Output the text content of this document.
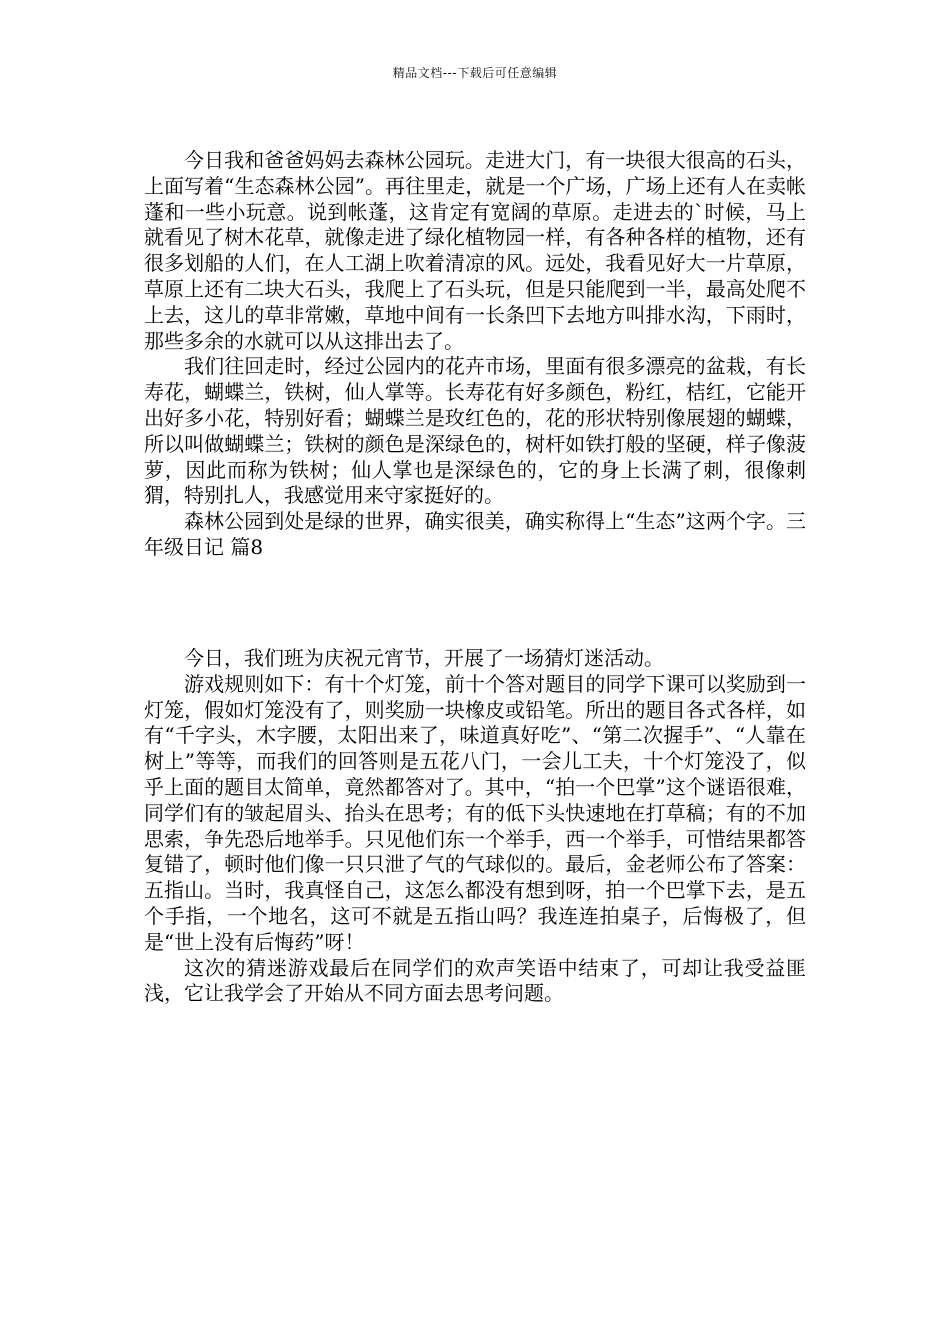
精品文档---下载后可任意编辑

今日我和爸爸妈妈去森林公园玩。走进大门，有一块很大很高的石头，上面写着“生态森林公园”。再往里走，就是一个广场，广场上还有人在卖帐蓬和一些小玩意。说到帐蓬，这肯定有宽阔的草原。走进去的`时候，马上就看见了树木花草，就像走进了绿化植物园一样，有各种各样的植物，还有很多划船的人们，在人工湖上吹着清凉的风。远处，我看见好大一片草原，草原上还有二块大石头，我爬上了石头玩，但是只能爬到一半，最高处爬不上去，这儿的草非常嫩，草地中间有一长条凹下去地方叫排水沟，下雨时，那些多余的水就可以从这排出去了。

我们往回走时，经过公园内的花卉市场，里面有很多漂亮的盆栽，有长寿花，蝴蝶兰，铁树，仙人掌等。长寿花有好多颜色，粉红，桔红，它能开出好多小花，特别好看；蝴蝶兰是玫红色的，花的形状特别像展翅的蝴蝶，所以叫做蝴蝶兰；铁树的颜色是深绿色的，树杆如铁打般的坚硬，样子像菠萝，因此而称为铁树；仙人掌也是深绿色的，它的身上长满了刺，很像刺猬，特别扎人，我感觉用来守家挺好的。

森林公园到处是绿的世界，确实很美，确实称得上“生态”这两个字。三年级日记 篇8

今日，我们班为庆祝元宵节，开展了一场猜灯迷活动。

游戏规则如下：有十个灯笼，前十个答对题目的同学下课可以奖励到一灯笼，假如灯笼没有了，则奖励一块橡皮或铅笔。所出的题目各式各样，如有“千字头，木字腰，太阳出来了，味道真好吃”、“第二次握手”、“人靠在树上”等等，而我们的回答则是五花八门，一会儿工夫，十个灯笼没了，似乎上面的题目太简单，竟然都答对了。其中，“拍一个巴掌”这个谜语很难，同学们有的皱起眉头、抬头在思考；有的低下头快速地在打草稿；有的不加思索，争先恐后地举手。只见他们东一个举手，西一个举手，可惜结果都答复错了，顿时他们像一只只泄了气的气球似的。最后，金老师公布了答案：五指山。当时，我真怪自己，这怎么都没有想到呀，拍一个巴掌下去，是五个手指，一个地名，这可不就是五指山吗？我连连拍桌子，后悔极了，但是“世上没有后悔药”呀！

这次的猜迷游戏最后在同学们的欢声笑语中结束了，可却让我受益匪浅，它让我学会了开始从不同方面去思考问题。
